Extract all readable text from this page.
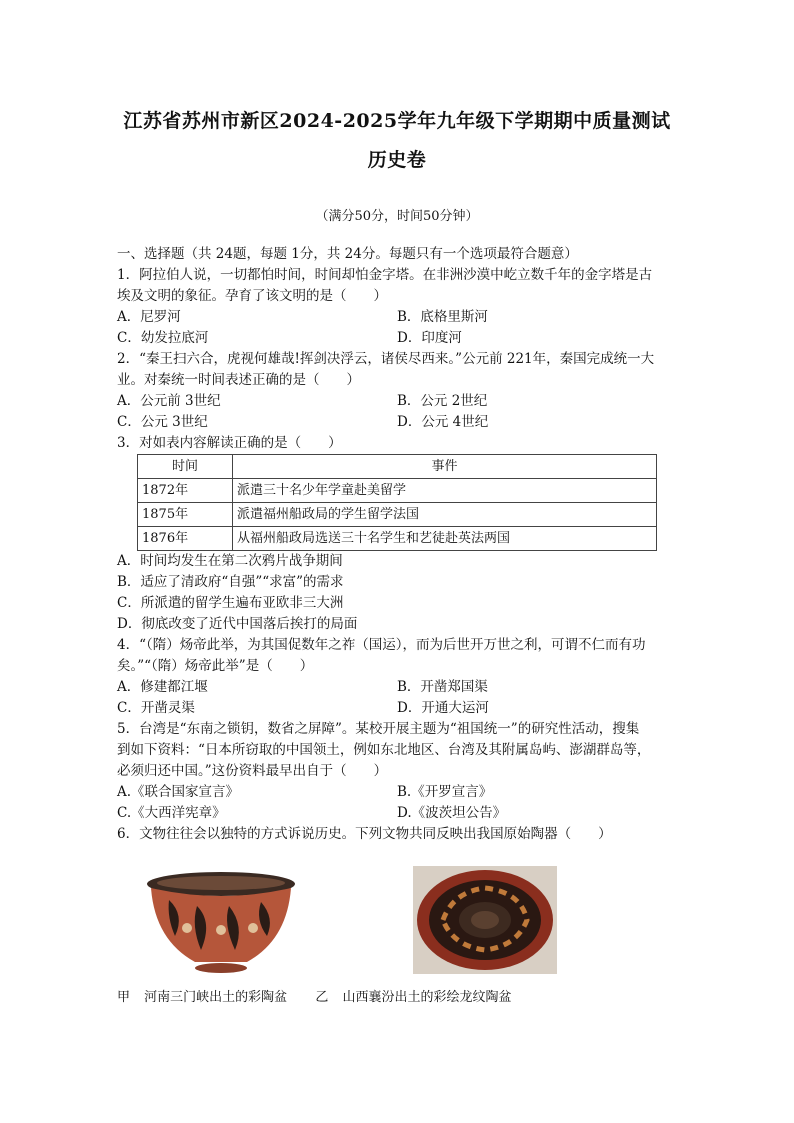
江苏省苏州市新区2024-2025学年九年级下学期期中质量测试
历史卷
（满分50分，时间50分钟）
一、选择题（共 24题，每题 1分，共 24分。每题只有一个选项最符合题意）
1．阿拉伯人说，一切都怕时间，时间却怕金字塔。在非洲沙漠中屹立数千年的金字塔是古
埃及文明的象征。孕育了该文明的是（　　）
A．尼罗河	B．底格里斯河
C．幼发拉底河	D．印度河
2．“秦王扫六合，虎视何雄哉!挥剑决浮云，诸侯尽西来。”公元前 221年，秦国完成统一大
业。对秦统一时间表述正确的是（　　）
A．公元前 3世纪	B．公元 2世纪
C．公元 3世纪	D．公元 4世纪
3．对如表内容解读正确的是（　　）
时间	事件
1872年	派遣三十名少年学童赴美留学
1875年	派遣福州船政局的学生留学法国
1876年	从福州船政局选送三十名学生和艺徒赴英法两国
A．时间均发生在第二次鸦片战争期间
B．适应了清政府“自强”“求富”的需求
C．所派遣的留学生遍布亚欧非三大洲
D．彻底改变了近代中国落后挨打的局面
4．“（隋）炀帝此举，为其国促数年之祚（国运），而为后世开万世之利，可谓不仁而有功
矣。”“（隋）炀帝此举”是（　　）
A．修建都江堰	B．开凿郑国渠
C．开凿灵渠	D．开通大运河
5．台湾是“东南之锁钥，数省之屏障”。某校开展主题为“祖国统一”的研究性活动，搜集
到如下资料：“日本所窃取的中国领土，例如东北地区、台湾及其附属岛屿、澎湖群岛等，
必须归还中国。”这份资料最早出自于（　　）
A.《联合国家宣言》	B.《开罗宣言》
C.《大西洋宪章》	D.《波茨坦公告》
6．文物往往会以独特的方式诉说历史。下列文物共同反映出我国原始陶器（　　）
甲 河南三门峡出土的彩陶盆 乙 山西襄汾出土的彩绘龙纹陶盆
